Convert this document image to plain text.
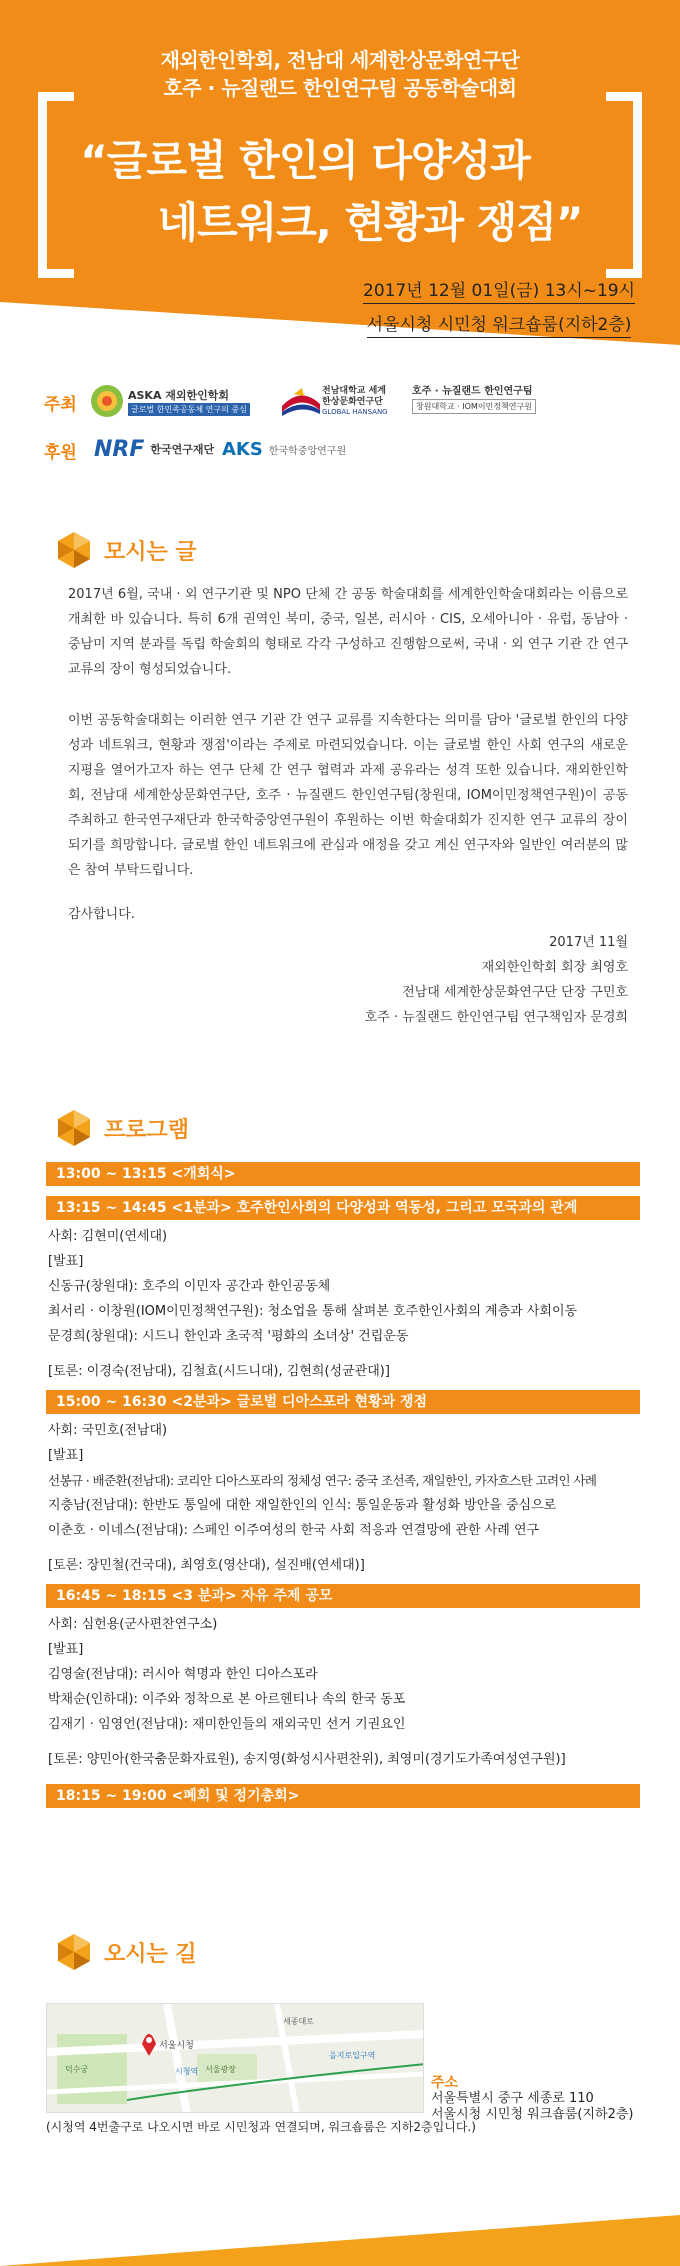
재외한인학회, 전남대 세계한상문화연구단
호주 · 뉴질랜드 한인연구팀 공동학술대회
“글로벌 한인의 다양성과
네트워크, 현황과 쟁점”
2017년 12월 01일(금) 13시~19시
서울시청 시민청 워크숍룸(지하2층)
주최	ASKA 재외한인학회
글로벌 한민족공동체 연구의 중심
전남대학교 세계한상문화연구단
GLOBAL HANSANG
호주 · 뉴질랜드 한인연구팀
창원대학교 · IOM이민정책연구원
후원 NRF 한국연구재단 AKS 한국학중앙연구원
모시는 글
2017년 6월, 국내 · 외 연구기관 및 NPO 단체 간 공동 학술대회를 세계한인학술대회라는 이름으로 개최한 바 있습니다. 특히 6개 권역인 북미, 중국, 일본, 러시아 · CIS, 오세아니아 · 유럽, 동남아 · 중남미 지역 분과를 독립 학술회의 형태로 각각 구성하고 진행함으로써, 국내 · 외 연구 기관 간 연구 교류의 장이 형성되었습니다.
이번 공동학술대회는 이러한 연구 기관 간 연구 교류를 지속한다는 의미를 담아 '글로벌 한인의 다양성과 네트워크, 현황과 쟁점'이라는 주제로 마련되었습니다. 이는 글로벌 한인 사회 연구의 새로운 지평을 열어가고자 하는 연구 단체 간 연구 협력과 과제 공유라는 성격 또한 있습니다. 재외한인학회, 전남대 세계한상문화연구단, 호주 · 뉴질랜드 한인연구팀(창원대, IOM이민정책연구원)이 공동 주최하고 한국연구재단과 한국학중앙연구원이 후원하는 이번 학술대회가 진지한 연구 교류의 장이 되기를 희망합니다. 글로벌 한인 네트워크에 관심과 애정을 갖고 계신 연구자와 일반인 여러분의 많은 참여 부탁드립니다.
감사합니다.
2017년 11월
재외한인학회 회장 최영호
전남대 세계한상문화연구단 단장 구민호
호주 · 뉴질랜드 한인연구팀 연구책임자 문경희
프로그램
13:00 ~ 13:15 <개회식>
13:15 ~ 14:45 <1분과> 호주한인사회의 다양성과 역동성, 그리고 모국과의 관계
사회: 김현미(연세대)
[발표]
신동규(창원대): 호주의 이민자 공간과 한인공동체
최서리 · 이창원(IOM이민정책연구원): 청소업을 통해 살펴본 호주한인사회의 계층과 사회이동
문경희(창원대): 시드니 한인과 초국적 '평화의 소녀상' 건립운동
[토론: 이경숙(전남대), 김철효(시드니대), 김현희(성균관대)]
15:00 ~ 16:30 <2분과> 글로벌 디아스포라 현황과 쟁점
사회: 국민호(전남대)
[발표]
선봉규 · 배준환(전남대): 코리안 디아스포라의 정체성 연구: 중국 조선족, 재일한인, 카자흐스탄 고려인 사례
지충남(전남대): 한반도 통일에 대한 재일한인의 인식: 통일운동과 활성화 방안을 중심으로
이춘호 · 이네스(전남대): 스페인 이주여성의 한국 사회 적응과 연결망에 관한 사례 연구
[토론: 장민철(건국대), 최영호(영산대), 설진배(연세대)]
16:45 ~ 18:15 <3 분과> 자유 주제 공모
사회: 심헌용(군사편찬연구소)
[발표]
김영술(전남대): 러시아 혁명과 한인 디아스포라
박채순(인하대): 이주와 정착으로 본 아르헨티나 속의 한국 동포
김재기 · 임영언(전남대): 재미한인들의 재외국민 선거 기권요인
[토론: 양민아(한국춤문화자료원), 송지영(화성시사편찬위), 최영미(경기도가족여성연구원)]
18:15 ~ 19:00 <폐회 및 정기총회>
오시는 길
서울시청
시청역
덕수궁
세종대로
서울광장
을지로입구역
주소
서울특별시 중구 세종로 110
서울시청 시민청 워크숍룸(지하2층)
(시청역 4번출구로 나오시면 바로 시민청과 연결되며, 워크숍룸은 지하2층입니다.)
